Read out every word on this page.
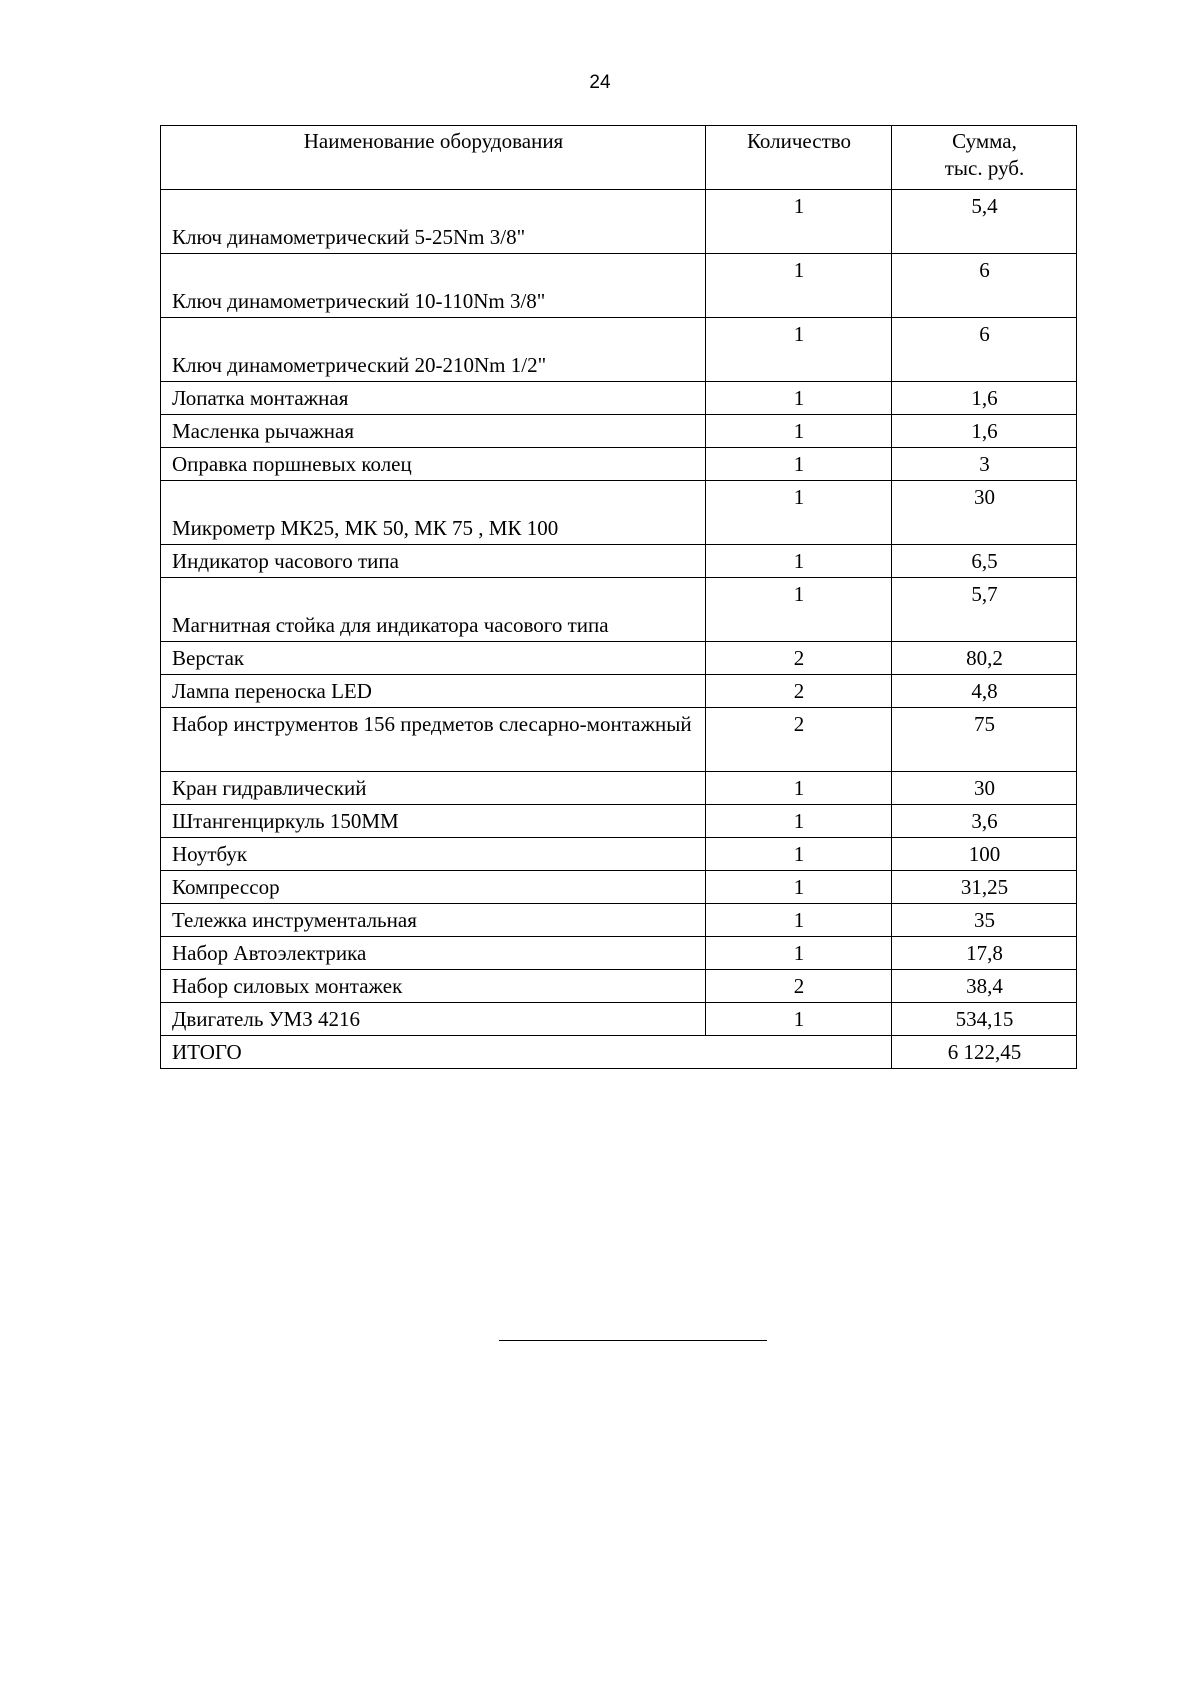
24
Наименование оборудования	Количество	Сумма,
тыс. руб.
Ключ динамометрический 5-25Nm 3/8"	1	5,4
Ключ динамометрический 10-110Nm 3/8"	1	6
Ключ динамометрический 20-210Nm 1/2"	1	6
Лопатка монтажная	1	1,6
Масленка рычажная	1	1,6
Оправка поршневых колец	1	3
Микрометр МК25, МК 50, МК 75 , МК 100	1	30
Индикатор часового типа	1	6,5
Магнитная стойка для индикатора часового типа	1	5,7
Верстак	2	80,2
Лампа переноска LED	2	4,8
Набор инструментов 156 предметов слесарно-монтажный	2	75
Кран гидравлический	1	30
Штангенциркуль 150ММ	1	3,6
Ноутбук	1	100
Компрессор	1	31,25
Тележка инструментальная	1	35
Набор Автоэлектрика	1	17,8
Набор силовых монтажек	2	38,4
Двигатель УМЗ 4216	1	534,15
ИТОГО		6 122,45
